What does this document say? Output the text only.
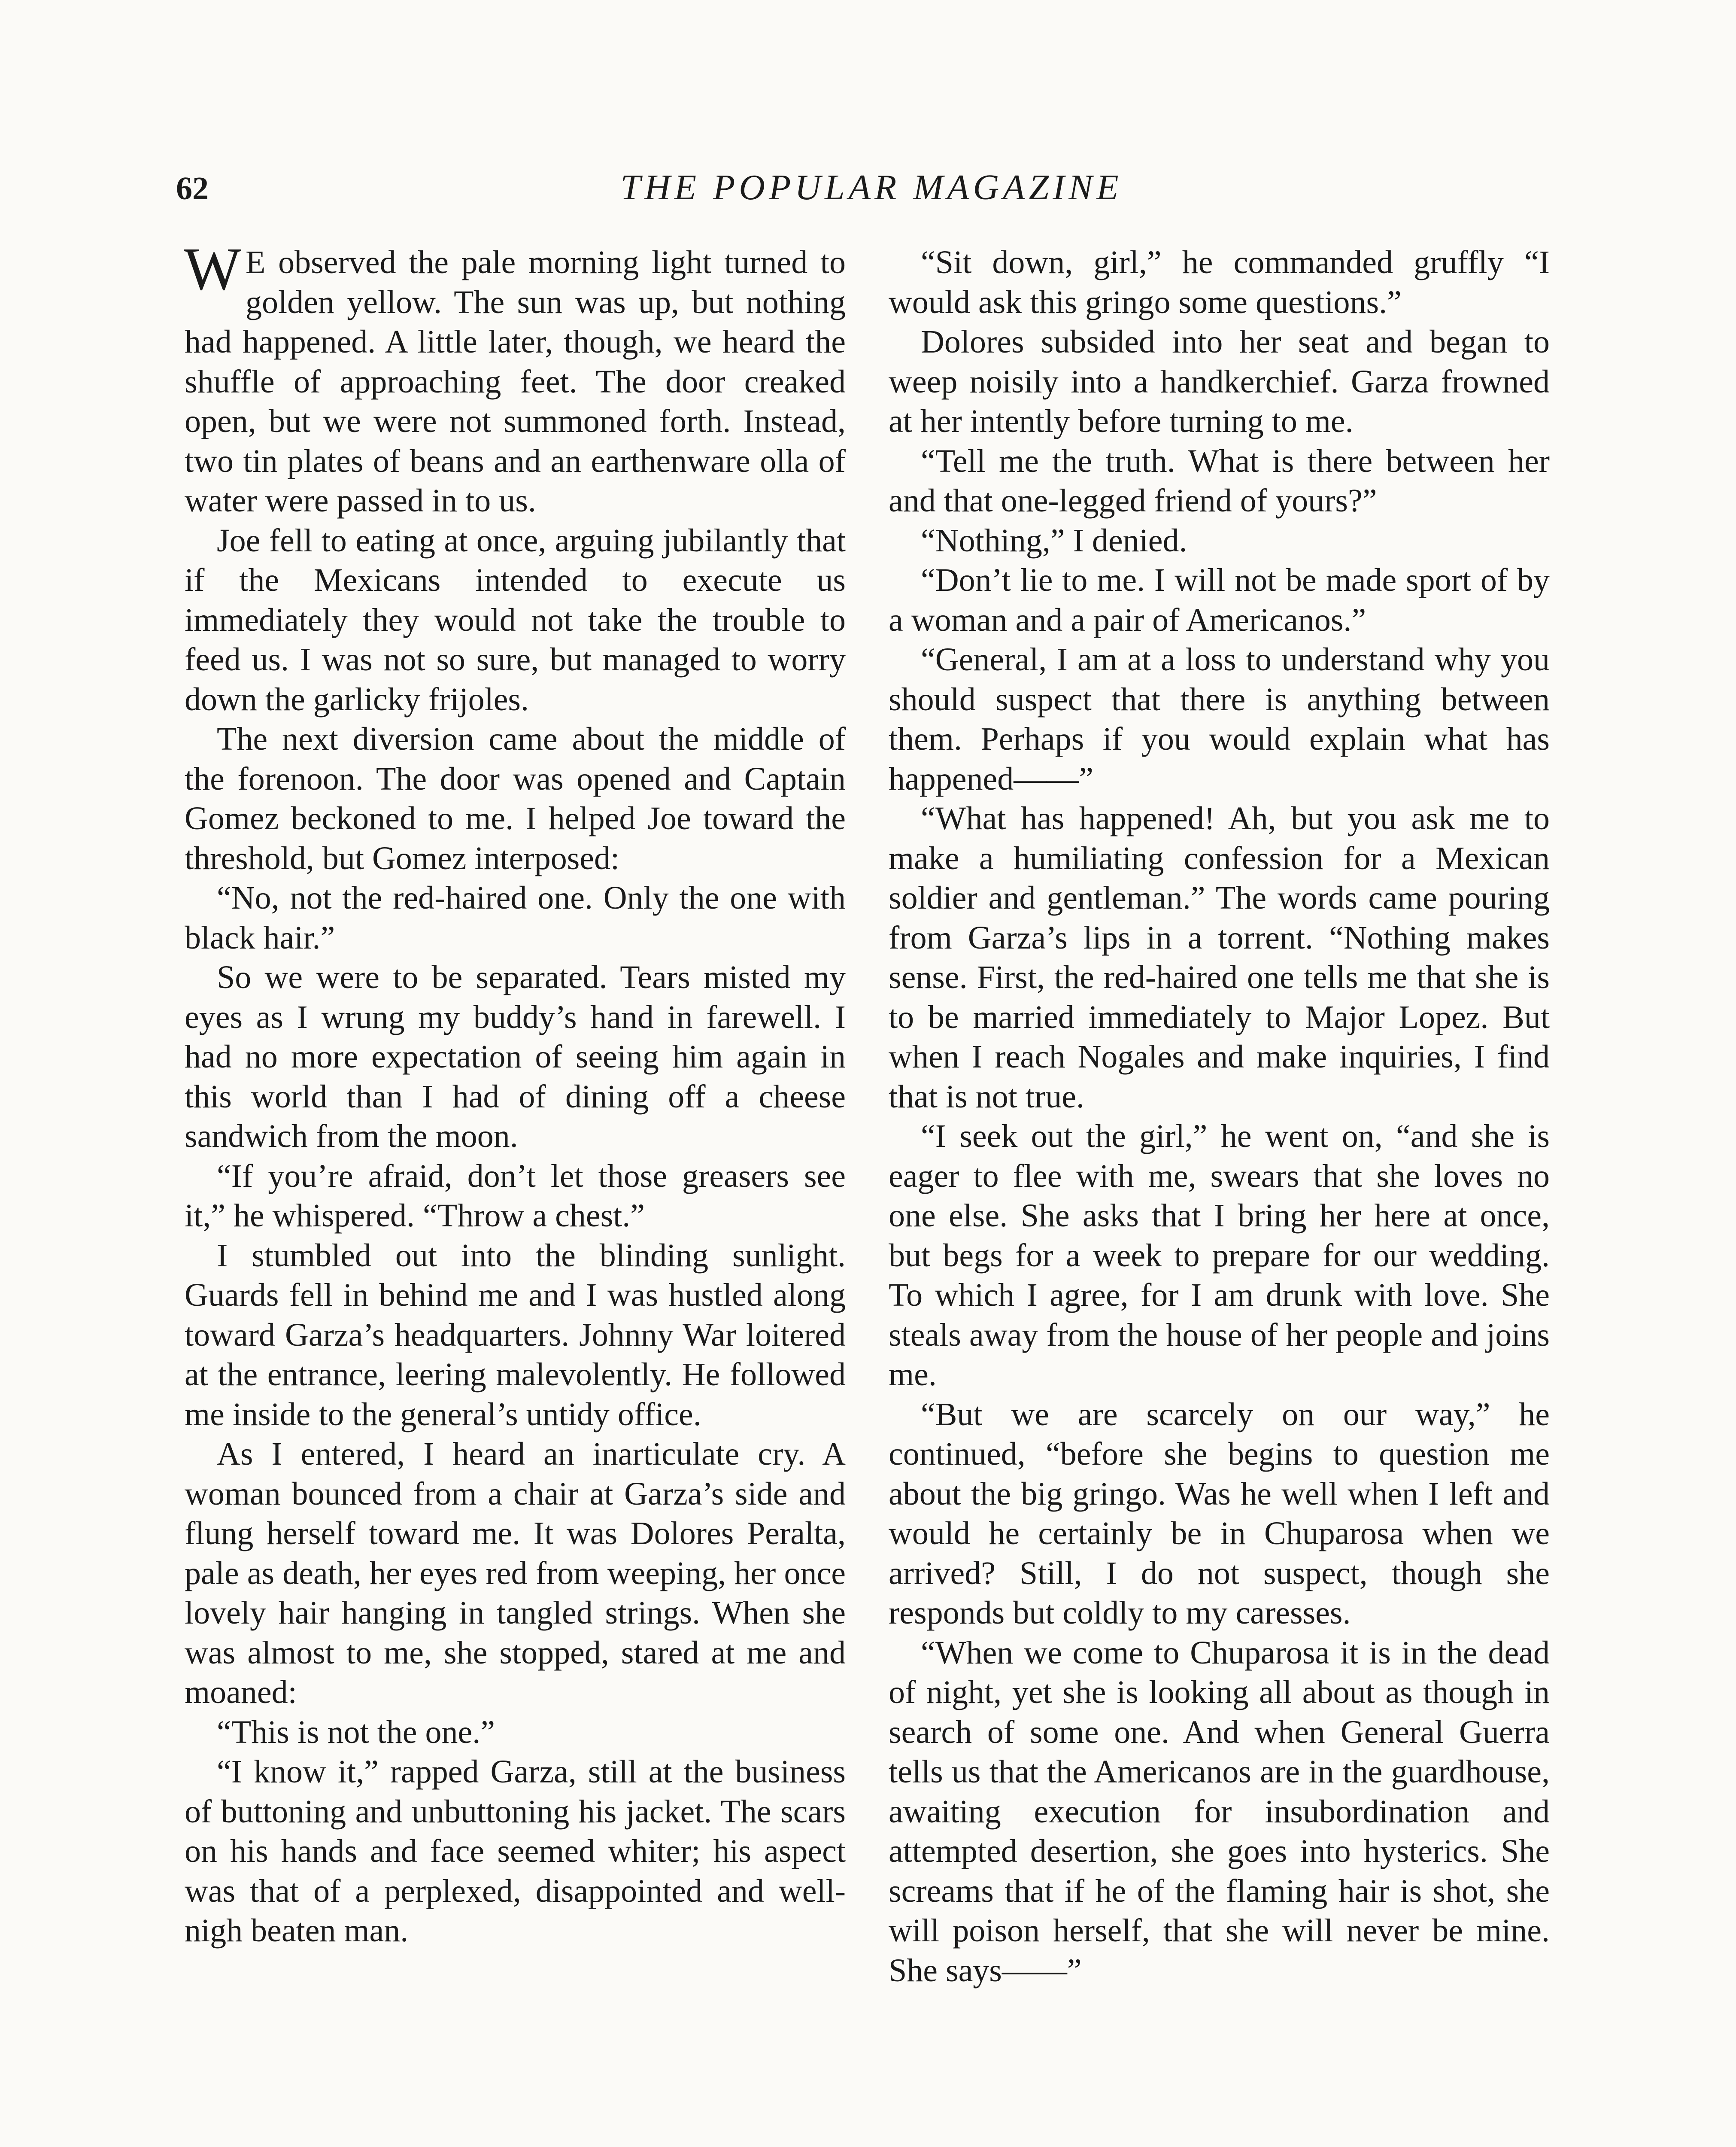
62	THE POPULAR MAGAZINE

W E observed the pale morning light turned to golden yellow. The sun was up, but nothing had happened. A little later, though, we heard the shuffle of approaching feet. The door creaked open, but we were not summoned forth. Instead, two tin plates of beans and an earthenware olla of water were passed in to us.

Joe fell to eating at once, arguing jubilantly that if the Mexicans intended to execute us immediately they would not take the trouble to feed us. I was not so sure, but managed to worry down the garlicky frijoles.

The next diversion came about the middle of the forenoon. The door was opened and Captain Gomez beckoned to me. I helped Joe toward the threshold, but Gomez interposed:

“No, not the red-haired one. Only the one with black hair.”

So we were to be separated. Tears misted my eyes as I wrung my buddy’s hand in farewell. I had no more expectation of seeing him again in this world than I had of dining off a cheese sandwich from the moon.

“If you’re afraid, don’t let those greasers see it,” he whispered. “Throw a chest.”

I stumbled out into the blinding sunlight. Guards fell in behind me and I was hustled along toward Garza’s headquarters. Johnny War loitered at the entrance, leering malevolently. He followed me inside to the general’s untidy office.

As I entered, I heard an inarticulate cry. A woman bounced from a chair at Garza’s side and flung herself toward me. It was Dolores Peralta, pale as death, her eyes red from weeping, her once lovely hair hanging in tangled strings. When she was almost to me, she stopped, stared at me and moaned:

“This is not the one.”

“I know it,” rapped Garza, still at the business of buttoning and unbuttoning his jacket. The scars on his hands and face seemed whiter; his aspect was that of a perplexed, disappointed and well-nigh beaten man.

“Sit down, girl,” he commanded gruffly “I would ask this gringo some questions.”

Dolores subsided into her seat and began to weep noisily into a handkerchief. Garza frowned at her intently before turning to me.

“Tell me the truth. What is there between her and that one-legged friend of yours?”

“Nothing,” I denied.

“Don’t lie to me. I will not be made sport of by a woman and a pair of Americanos.”

“General, I am at a loss to understand why you should suspect that there is anything between them. Perhaps if you would explain what has happened——”

“What has happened! Ah, but you ask me to make a humiliating confession for a Mexican soldier and gentleman.” The words came pouring from Garza’s lips in a torrent. “Nothing makes sense. First, the red-haired one tells me that she is to be married immediately to Major Lopez. But when I reach Nogales and make inquiries, I find that is not true.

“I seek out the girl,” he went on, “and she is eager to flee with me, swears that she loves no one else. She asks that I bring her here at once, but begs for a week to prepare for our wedding. To which I agree, for I am drunk with love. She steals away from the house of her people and joins me.

“But we are scarcely on our way,” he continued, “before she begins to question me about the big gringo. Was he well when I left and would he certainly be in Chuparosa when we arrived? Still, I do not suspect, though she responds but coldly to my caresses.

“When we come to Chuparosa it is in the dead of night, yet she is looking all about as though in search of some one. And when General Guerra tells us that the Americanos are in the guardhouse, awaiting execution for insubordination and attempted desertion, she goes into hysterics. She screams that if he of the flaming hair is shot, she will poison herself, that she will never be mine. She says——”
